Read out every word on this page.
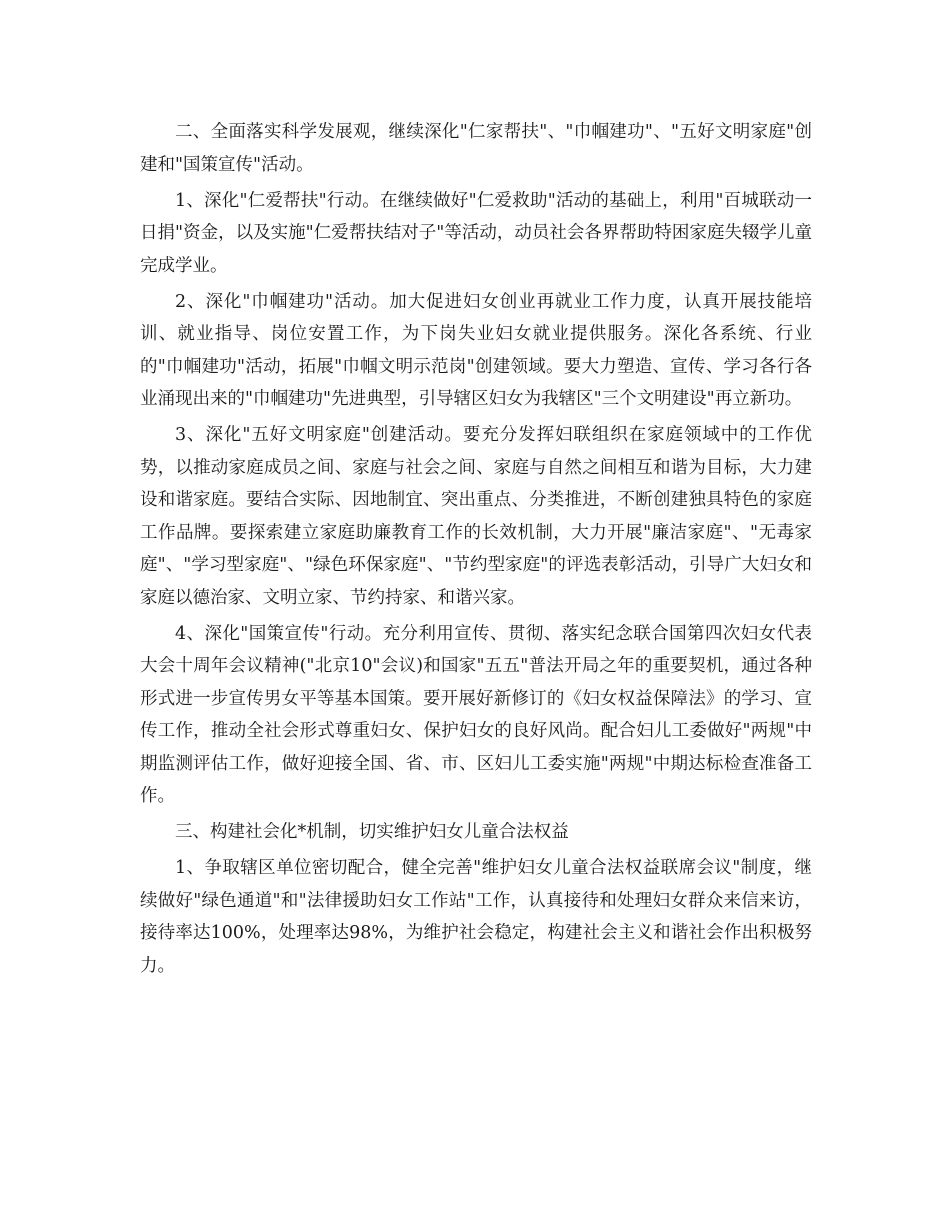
二、全面落实科学发展观，继续深化"仁家帮扶"、"巾帼建功"、"五好文明家庭"创建和"国策宣传"活动。

1、深化"仁爱帮扶"行动。在继续做好"仁爱救助"活动的基础上，利用"百城联动一日捐"资金，以及实施"仁爱帮扶结对子"等活动，动员社会各界帮助特困家庭失辍学儿童完成学业。

2、深化"巾帼建功"活动。加大促进妇女创业再就业工作力度，认真开展技能培训、就业指导、岗位安置工作，为下岗失业妇女就业提供服务。深化各系统、行业的"巾帼建功"活动，拓展"巾帼文明示范岗"创建领域。要大力塑造、宣传、学习各行各业涌现出来的"巾帼建功"先进典型，引导辖区妇女为我辖区"三个文明建设"再立新功。

3、深化"五好文明家庭"创建活动。要充分发挥妇联组织在家庭领域中的工作优势，以推动家庭成员之间、家庭与社会之间、家庭与自然之间相互和谐为目标，大力建设和谐家庭。要结合实际、因地制宜、突出重点、分类推进，不断创建独具特色的家庭工作品牌。要探索建立家庭助廉教育工作的长效机制，大力开展"廉洁家庭"、"无毒家庭"、"学习型家庭"、"绿色环保家庭"、"节约型家庭"的评选表彰活动，引导广大妇女和家庭以德治家、文明立家、节约持家、和谐兴家。

4、深化"国策宣传"行动。充分利用宣传、贯彻、落实纪念联合国第四次妇女代表大会十周年会议精神("北京10"会议)和国家"五五"普法开局之年的重要契机，通过各种形式进一步宣传男女平等基本国策。要开展好新修订的《妇女权益保障法》的学习、宣传工作，推动全社会形式尊重妇女、保护妇女的良好风尚。配合妇儿工委做好"两规"中期监测评估工作，做好迎接全国、省、市、区妇儿工委实施"两规"中期达标检查准备工作。

三、构建社会化*机制，切实维护妇女儿童合法权益

1、争取辖区单位密切配合，健全完善"维护妇女儿童合法权益联席会议"制度，继续做好"绿色通道"和"法律援助妇女工作站"工作，认真接待和处理妇女群众来信来访，接待率达100%，处理率达98%，为维护社会稳定，构建社会主义和谐社会作出积极努力。
